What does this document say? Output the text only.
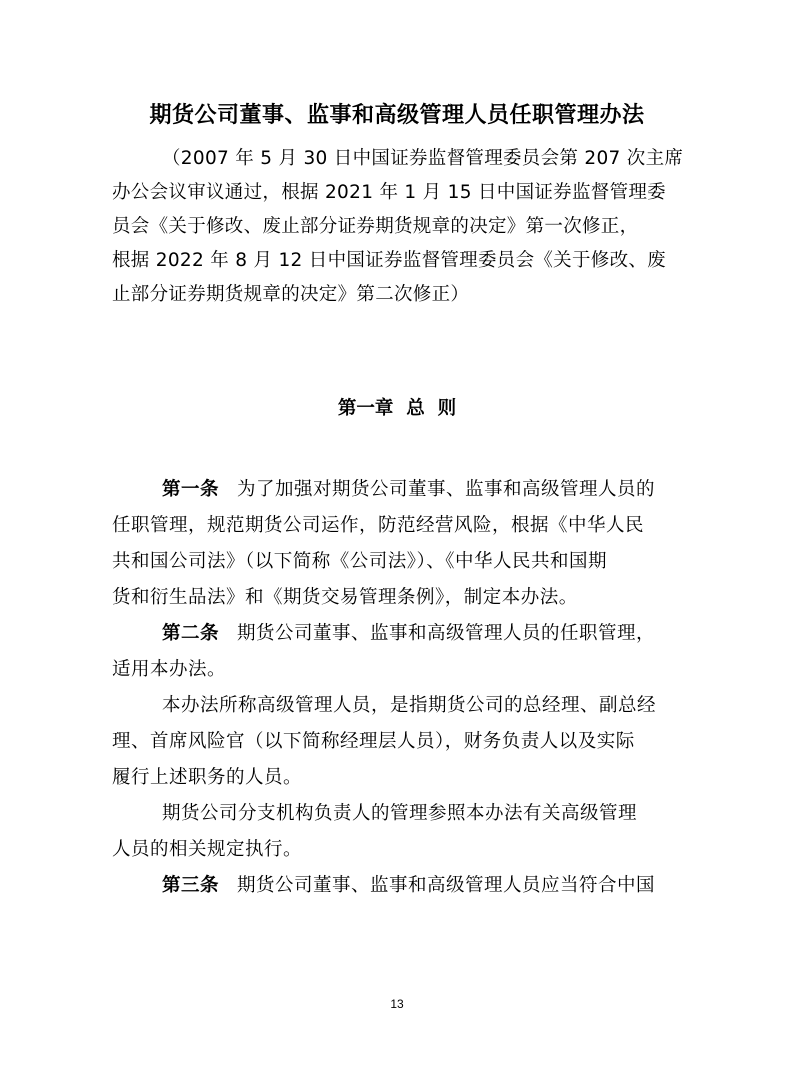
期货公司董事、监事和高级管理人员任职管理办法
（2007 年 5 月 30 日中国证券监督管理委员会第 207 次主席
办公会议审议通过，根据 2021 年 1 月 15 日中国证券监督管理委
员会《关于修改、废止部分证券期货规章的决定》第一次修正，
根据 2022 年 8 月 12 日中国证券监督管理委员会《关于修改、废
止部分证券期货规章的决定》第二次修正）
第一章  总  则
第一条 为了加强对期货公司董事、监事和高级管理人员的
任职管理，规范期货公司运作，防范经营风险，根据《中华人民
共和国公司法》（以下简称《公司法》）、《中华人民共和国期
货和衍生品法》和《期货交易管理条例》，制定本办法。
第二条 期货公司董事、监事和高级管理人员的任职管理，
适用本办法。
本办法所称高级管理人员，是指期货公司的总经理、副总经
理、首席风险官（以下简称经理层人员），财务负责人以及实际
履行上述职务的人员。
期货公司分支机构负责人的管理参照本办法有关高级管理
人员的相关规定执行。
第三条 期货公司董事、监事和高级管理人员应当符合中国
13
